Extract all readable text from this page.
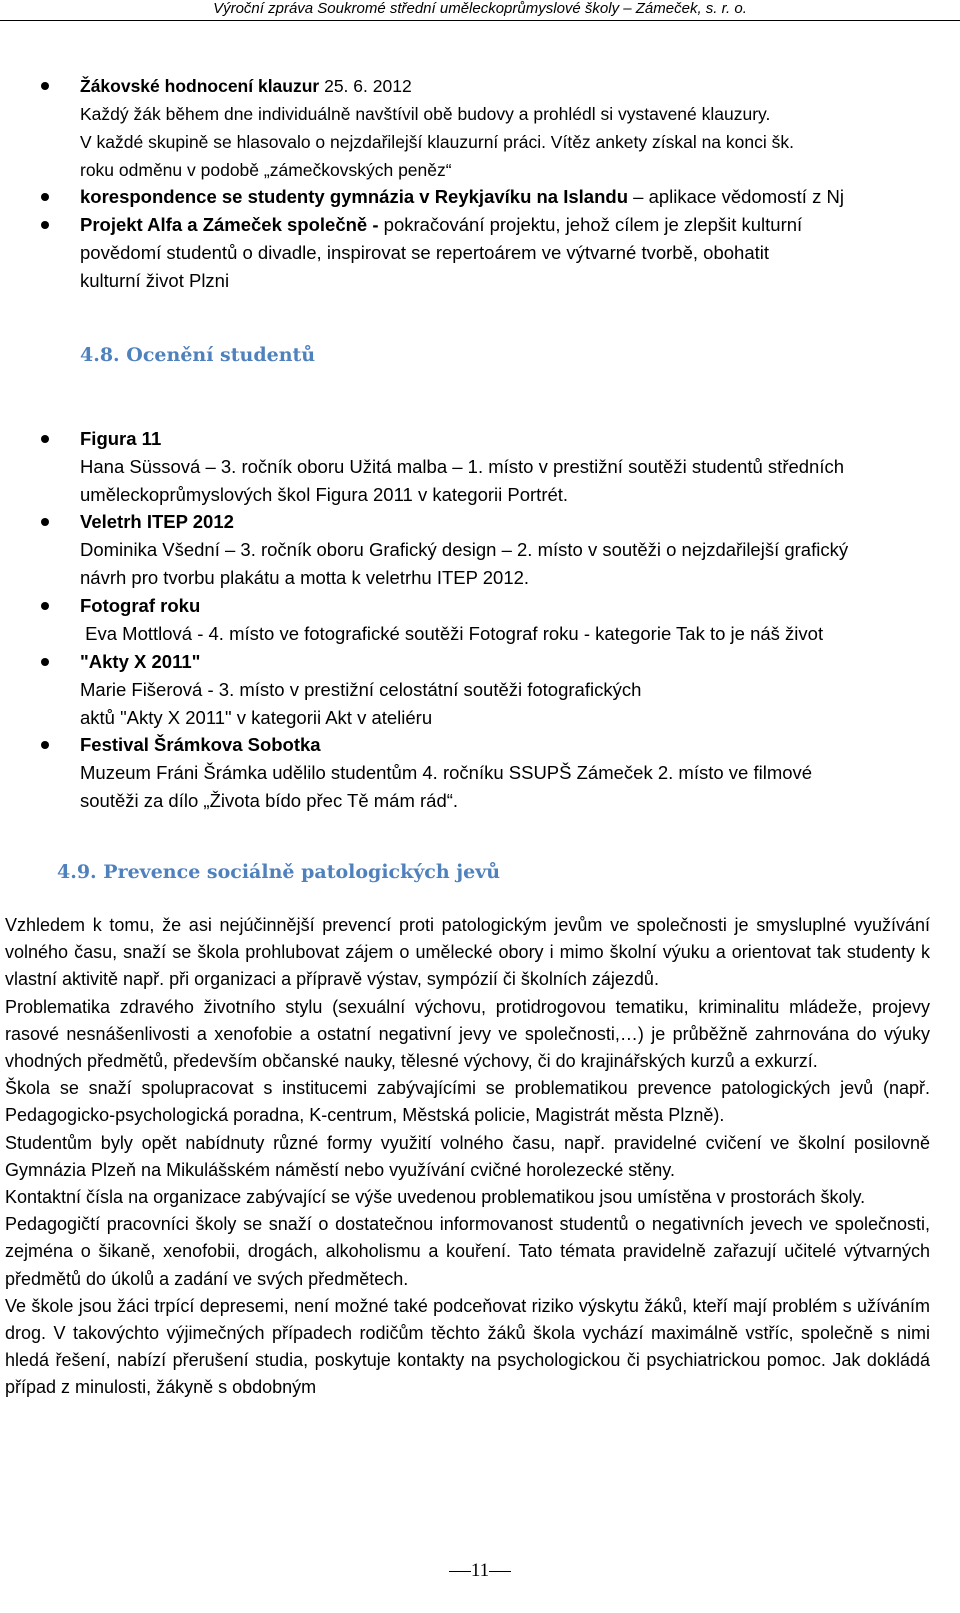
Výroční zpráva Soukromé střední uměleckoprůmyslové školy – Zámeček, s. r. o.
Žákovské hodnocení klauzur 25. 6. 2012
Každý žák během dne individuálně navštívil obě budovy a prohlédl si vystavené klauzury.
V každé skupině se hlasovalo o nejzdařilejší klauzurní práci. Vítěz ankety získal na konci šk.
roku odměnu v podobě „zámečkovských peněz“
korespondence se studenty gymnázia v Reykjavíku na Islandu – aplikace vědomostí z Nj
Projekt Alfa a Zámeček společně - pokračování projektu, jehož cílem je zlepšit kulturní
povědomí studentů o divadle, inspirovat se repertoárem ve výtvarné tvorbě, obohatit
kulturní život Plzni
4.8. Ocenění studentů
Figura 11
Hana Süssová – 3. ročník oboru Užitá malba – 1. místo v prestižní soutěži studentů středních
uměleckoprůmyslových škol Figura 2011 v kategorii Portrét.
Veletrh ITEP 2012
Dominika Všední – 3. ročník oboru Grafický design – 2. místo v soutěži o nejzdařilejší grafický
návrh pro tvorbu plakátu a motta k veletrhu ITEP 2012.
Fotograf roku
Eva Mottlová - 4. místo ve fotografické soutěži Fotograf roku - kategorie Tak to je náš život
"Akty X 2011"
Marie Fišerová - 3. místo v prestižní celostátní soutěži fotografických
aktů "Akty X 2011" v kategorii Akt v ateliéru
Festival Šrámkova Sobotka
Muzeum Fráni Šrámka udělilo studentům 4. ročníku SSUPŠ Zámeček 2. místo ve filmové
soutěži za dílo „Života bído přec Tě mám rád“.
4.9. Prevence sociálně patologických jevů

Vzhledem k tomu, že asi nejúčinnější prevencí proti patologickým jevům ve společnosti je smysluplné využívání volného času, snaží se škola prohlubovat zájem o umělecké obory i mimo školní výuku a orientovat tak studenty k vlastní aktivitě např. při organizaci a přípravě výstav, sympózií či školních zájezdů.

Problematika zdravého životního stylu (sexuální výchovu, protidrogovou tematiku, kriminalitu mládeže, projevy rasové nesnášenlivosti a xenofobie a ostatní negativní jevy ve společnosti,…) je průběžně zahrnována do výuky vhodných předmětů, především občanské nauky, tělesné výchovy, či do krajinářských kurzů a exkurzí.

Škola se snaží spolupracovat s institucemi zabývajícími se problematikou prevence patologických jevů (např. Pedagogicko-psychologická poradna, K-centrum, Městská policie, Magistrát města Plzně).

Studentům byly opět nabídnuty různé formy využití volného času, např. pravidelné cvičení ve školní posilovně Gymnázia Plzeň na Mikulášském náměstí nebo využívání cvičné horolezecké stěny.

Kontaktní čísla na organizace zabývající se výše uvedenou problematikou jsou umístěna v prostorách školy.

Pedagogičtí pracovníci školy se snaží o dostatečnou informovanost studentů o negativních jevech ve společnosti, zejména o šikaně, xenofobii, drogách, alkoholismu a kouření. Tato témata pravidelně zařazují učitelé výtvarných předmětů do úkolů a zadání ve svých předmětech.

Ve škole jsou žáci trpící depresemi, není možné také podceňovat riziko výskytu žáků, kteří mají problém s užíváním drog. V takovýchto výjimečných případech rodičům těchto žáků škola vychází maximálně vstříc, společně s nimi hledá řešení, nabízí přerušení studia, poskytuje kontakty na psychologickou či psychiatrickou pomoc. Jak dokládá případ z minulosti, žákyně s obdobným

11
